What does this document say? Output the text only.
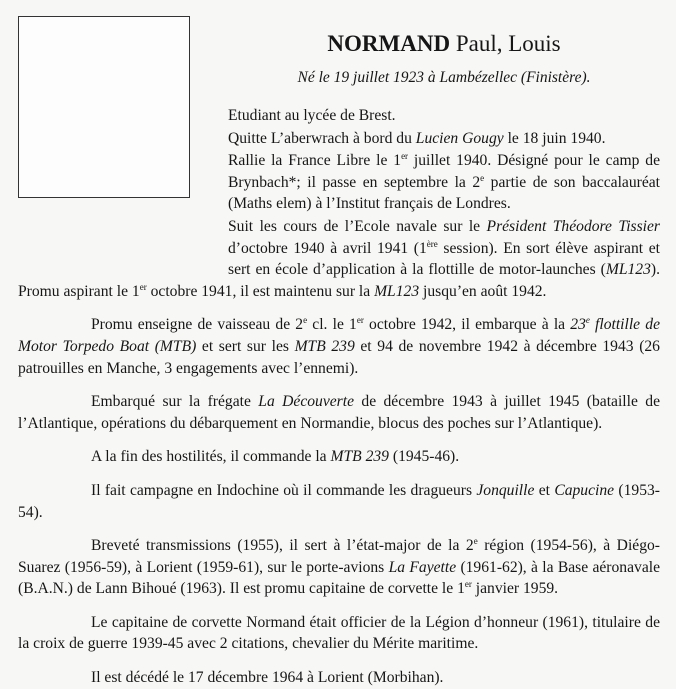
NORMAND Paul, Louis
Né le 19 juillet 1923 à Lambézellec (Finistère).

Etudiant au lycée de Brest.

Quitte L’aberwrach à bord du Lucien Gougy le 18 juin 1940.

Rallie la France Libre le 1er juillet 1940. Désigné pour le camp de Brynbach*; il passe en septembre la 2e partie de son baccalauréat (Maths elem) à l’Institut français de Londres.

Suit les cours de l’Ecole navale sur le Président Théodore Tissier d’octobre 1940 à avril 1941 (1ère session). En sort élève aspirant et sert en école d’application à la flottille de motor-launches (ML123). Promu aspirant le 1er octobre 1941, il est maintenu sur la ML123 jusqu’en août 1942.

Promu enseigne de vaisseau de 2e cl. le 1er octobre 1942, il embarque à la 23e flottille de Motor Torpedo Boat (MTB) et sert sur les MTB 239 et 94 de novembre 1942 à décembre 1943 (26 patrouilles en Manche, 3 engagements avec l’ennemi).

Embarqué sur la frégate La Découverte de décembre 1943 à juillet 1945 (bataille de l’Atlantique, opérations du débarquement en Normandie, blocus des poches sur l’Atlantique).

A la fin des hostilités, il commande la MTB 239 (1945-46).

Il fait campagne en Indochine où il commande les dragueurs Jonquille et Capucine (1953-54).

Breveté transmissions (1955), il sert à l’état-major de la 2e région (1954-56), à Diégo-Suarez (1956-59), à Lorient (1959-61), sur le porte-avions La Fayette (1961-62), à la Base aéronavale (B.A.N.) de Lann Bihoué (1963). Il est promu capitaine de corvette le 1er janvier 1959.

Le capitaine de corvette Normand était officier de la Légion d’honneur (1961), titulaire de la croix de guerre 1939-45 avec 2 citations, chevalier du Mérite maritime.

Il est décédé le 17 décembre 1964 à Lorient (Morbihan).
